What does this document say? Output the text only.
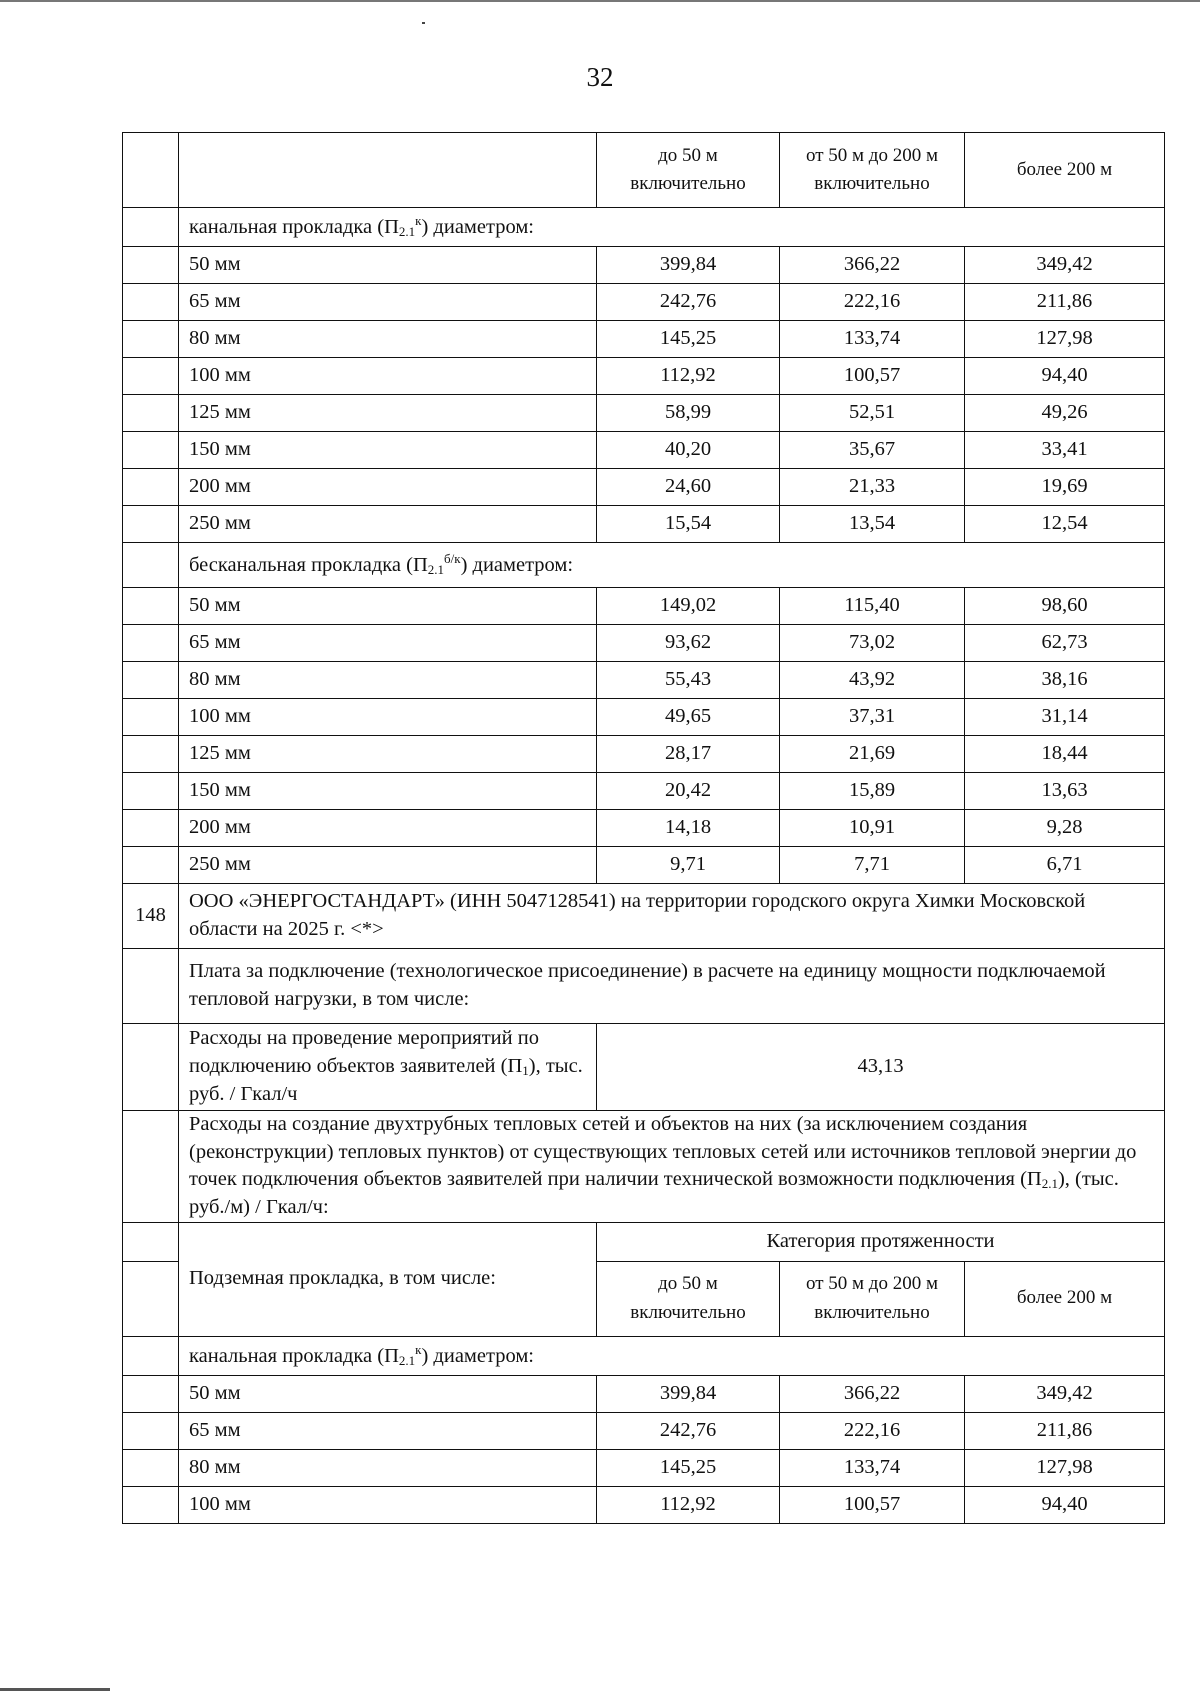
32
		до 50 м включительно	от 50 м до 200 м включительно	более 200 м
	канальная прокладка $(П_{2.1}^к)$ диаметром:			
	50 мм	399,84	366,22	349,42
	65 мм	242,76	222,16	211,86
	80 мм	145,25	133,74	127,98
	100 мм	112,92	100,57	94,40
	125 мм	58,99	52,51	49,26
	150 мм	40,20	35,67	33,41
	200 мм	24,60	21,33	19,69
	250 мм	15,54	13,54	12,54
	бесканальная прокладка $(П_{2.1}^{б/к})$ диаметром:			
	50 мм	149,02	115,40	98,60
	65 мм	93,62	73,02	62,73
	80 мм	55,43	43,92	38,16
	100 мм	49,65	37,31	31,14
	125 мм	28,17	21,69	18,44
	150 мм	20,42	15,89	13,63
	200 мм	14,18	10,91	9,28
	250 мм	9,71	7,71	6,71
148	ООО «ЭНЕРГОСТАНДАРТ» (ИНН 5047128541) на территории городского округа Химки Московской области на 2025 г. <*>			
	Плата за подключение (технологическое присоединение) в расчете на единицу мощности подключаемой тепловой нагрузки, в том числе:			
	Расходы на проведение мероприятий по подключению объектов заявителей $(П_1)$, тыс. руб. / Гкал/ч	43,13		
	Расходы на создание двухтрубных тепловых сетей и объектов на них (за исключением создания (реконструкции) тепловых пунктов) от существующих тепловых сетей или источников тепловой энергии до точек подключения объектов заявителей при наличии технической возможности подключения $(П_{2.1})$, (тыс. руб./м) / Гкал/ч:			
	Подземная прокладка, в том числе:	Категория протяженности		
		до 50 м включительно	от 50 м до 200 м включительно	более 200 м
	канальная прокладка $(П_{2.1}^к)$ диаметром:			
	50 мм	399,84	366,22	349,42
	65 мм	242,76	222,16	211,86
	80 мм	145,25	133,74	127,98
	100 мм	112,92	100,57	94,40
